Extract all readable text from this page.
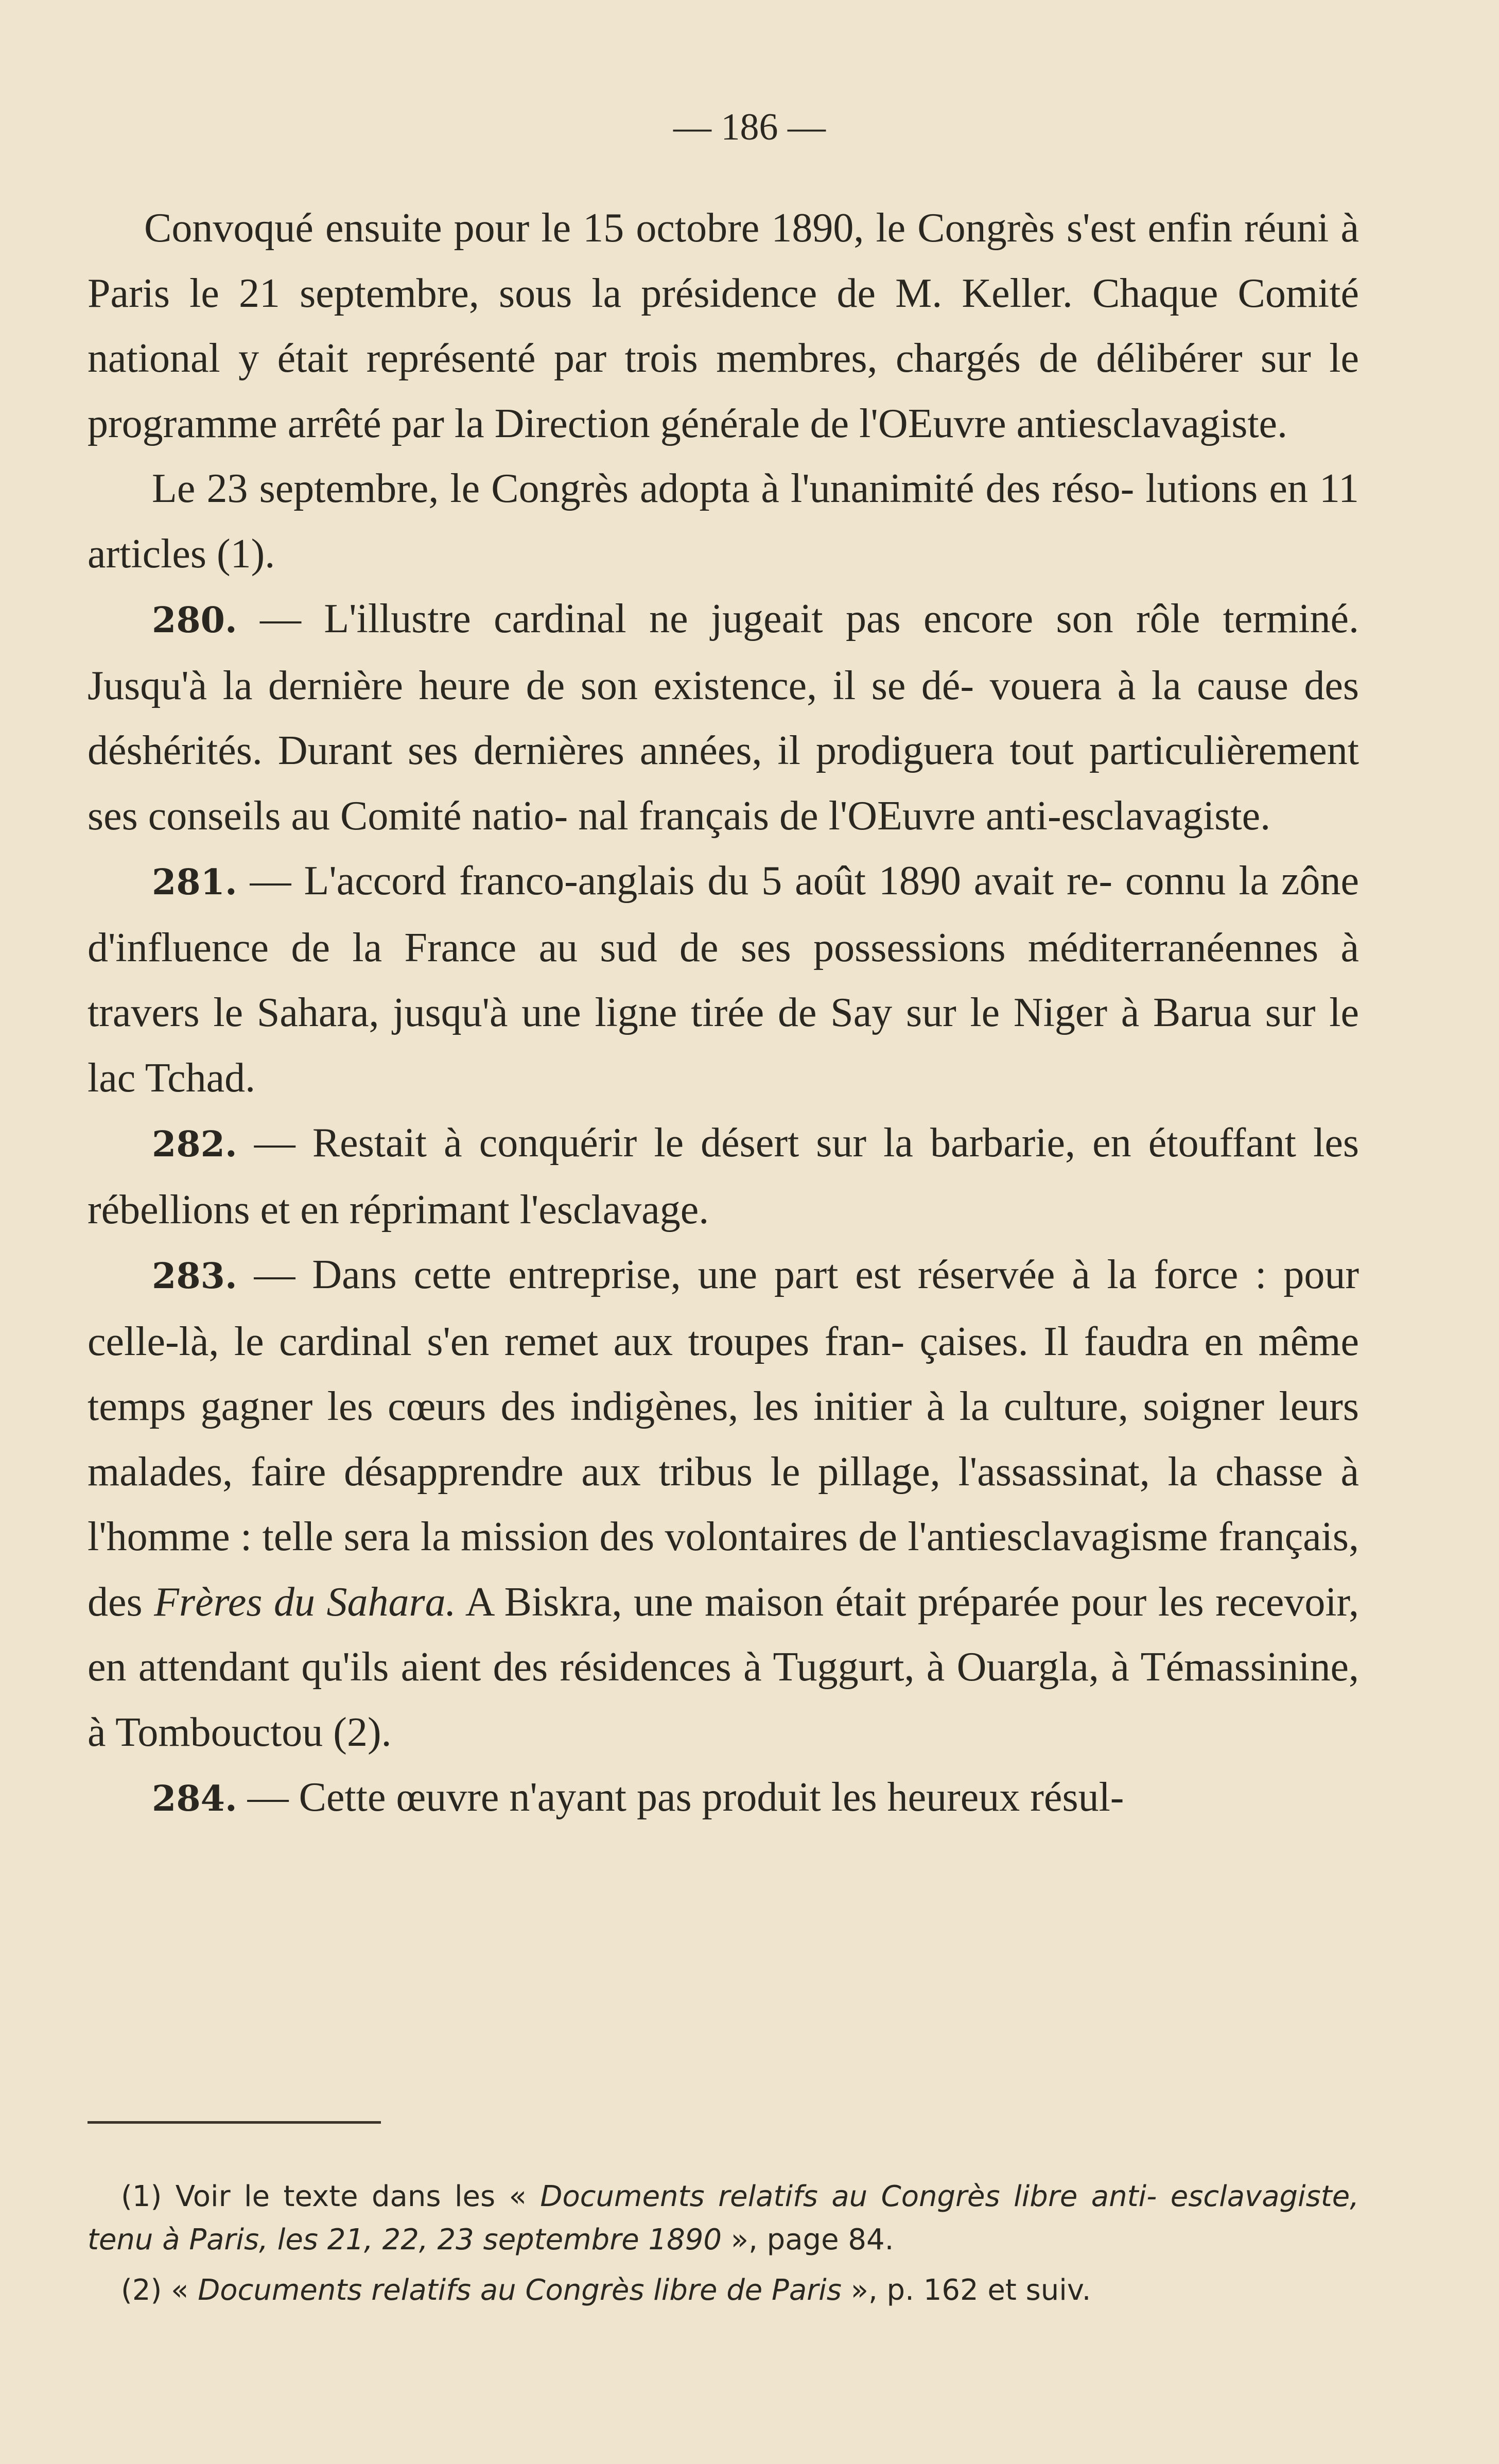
— 186 —

Convoqué ensuite pour le 15 octobre 1890, le Congrès s'est enfin réuni à Paris le 21 septembre, sous la présidence de M. Keller. Chaque Comité national y était représenté par trois membres, chargés de délibérer sur le programme arrêté par la Direction générale de l'OEuvre antiesclavagiste.

Le 23 septembre, le Congrès adopta à l'unanimité des réso- lutions en 11 articles (1).

280. — L'illustre cardinal ne jugeait pas encore son rôle terminé. Jusqu'à la dernière heure de son existence, il se dé- vouera à la cause des déshérités. Durant ses dernières années, il prodiguera tout particulièrement ses conseils au Comité natio- nal français de l'OEuvre anti-esclavagiste.

281. — L'accord franco-anglais du 5 août 1890 avait re- connu la zône d'influence de la France au sud de ses possessions méditerranéennes à travers le Sahara, jusqu'à une ligne tirée de Say sur le Niger à Barua sur le lac Tchad.

282. — Restait à conquérir le désert sur la barbarie, en étouffant les rébellions et en réprimant l'esclavage.

283. — Dans cette entreprise, une part est réservée à la force : pour celle-là, le cardinal s'en remet aux troupes fran- çaises. Il faudra en même temps gagner les cœurs des indigènes, les initier à la culture, soigner leurs malades, faire désapprendre aux tribus le pillage, l'assassinat, la chasse à l'homme : telle sera la mission des volontaires de l'antiesclavagisme français, des Frères du Sahara. A Biskra, une maison était préparée pour les recevoir, en attendant qu'ils aient des résidences à Tuggurt, à Ouargla, à Témassinine, à Tombouctou (2).

284. — Cette œuvre n'ayant pas produit les heureux résul-

(1) Voir le texte dans les « Documents relatifs au Congrès libre anti- esclavagiste, tenu à Paris, les 21, 22, 23 septembre 1890 », page 84.

(2) « Documents relatifs au Congrès libre de Paris », p. 162 et suiv.
